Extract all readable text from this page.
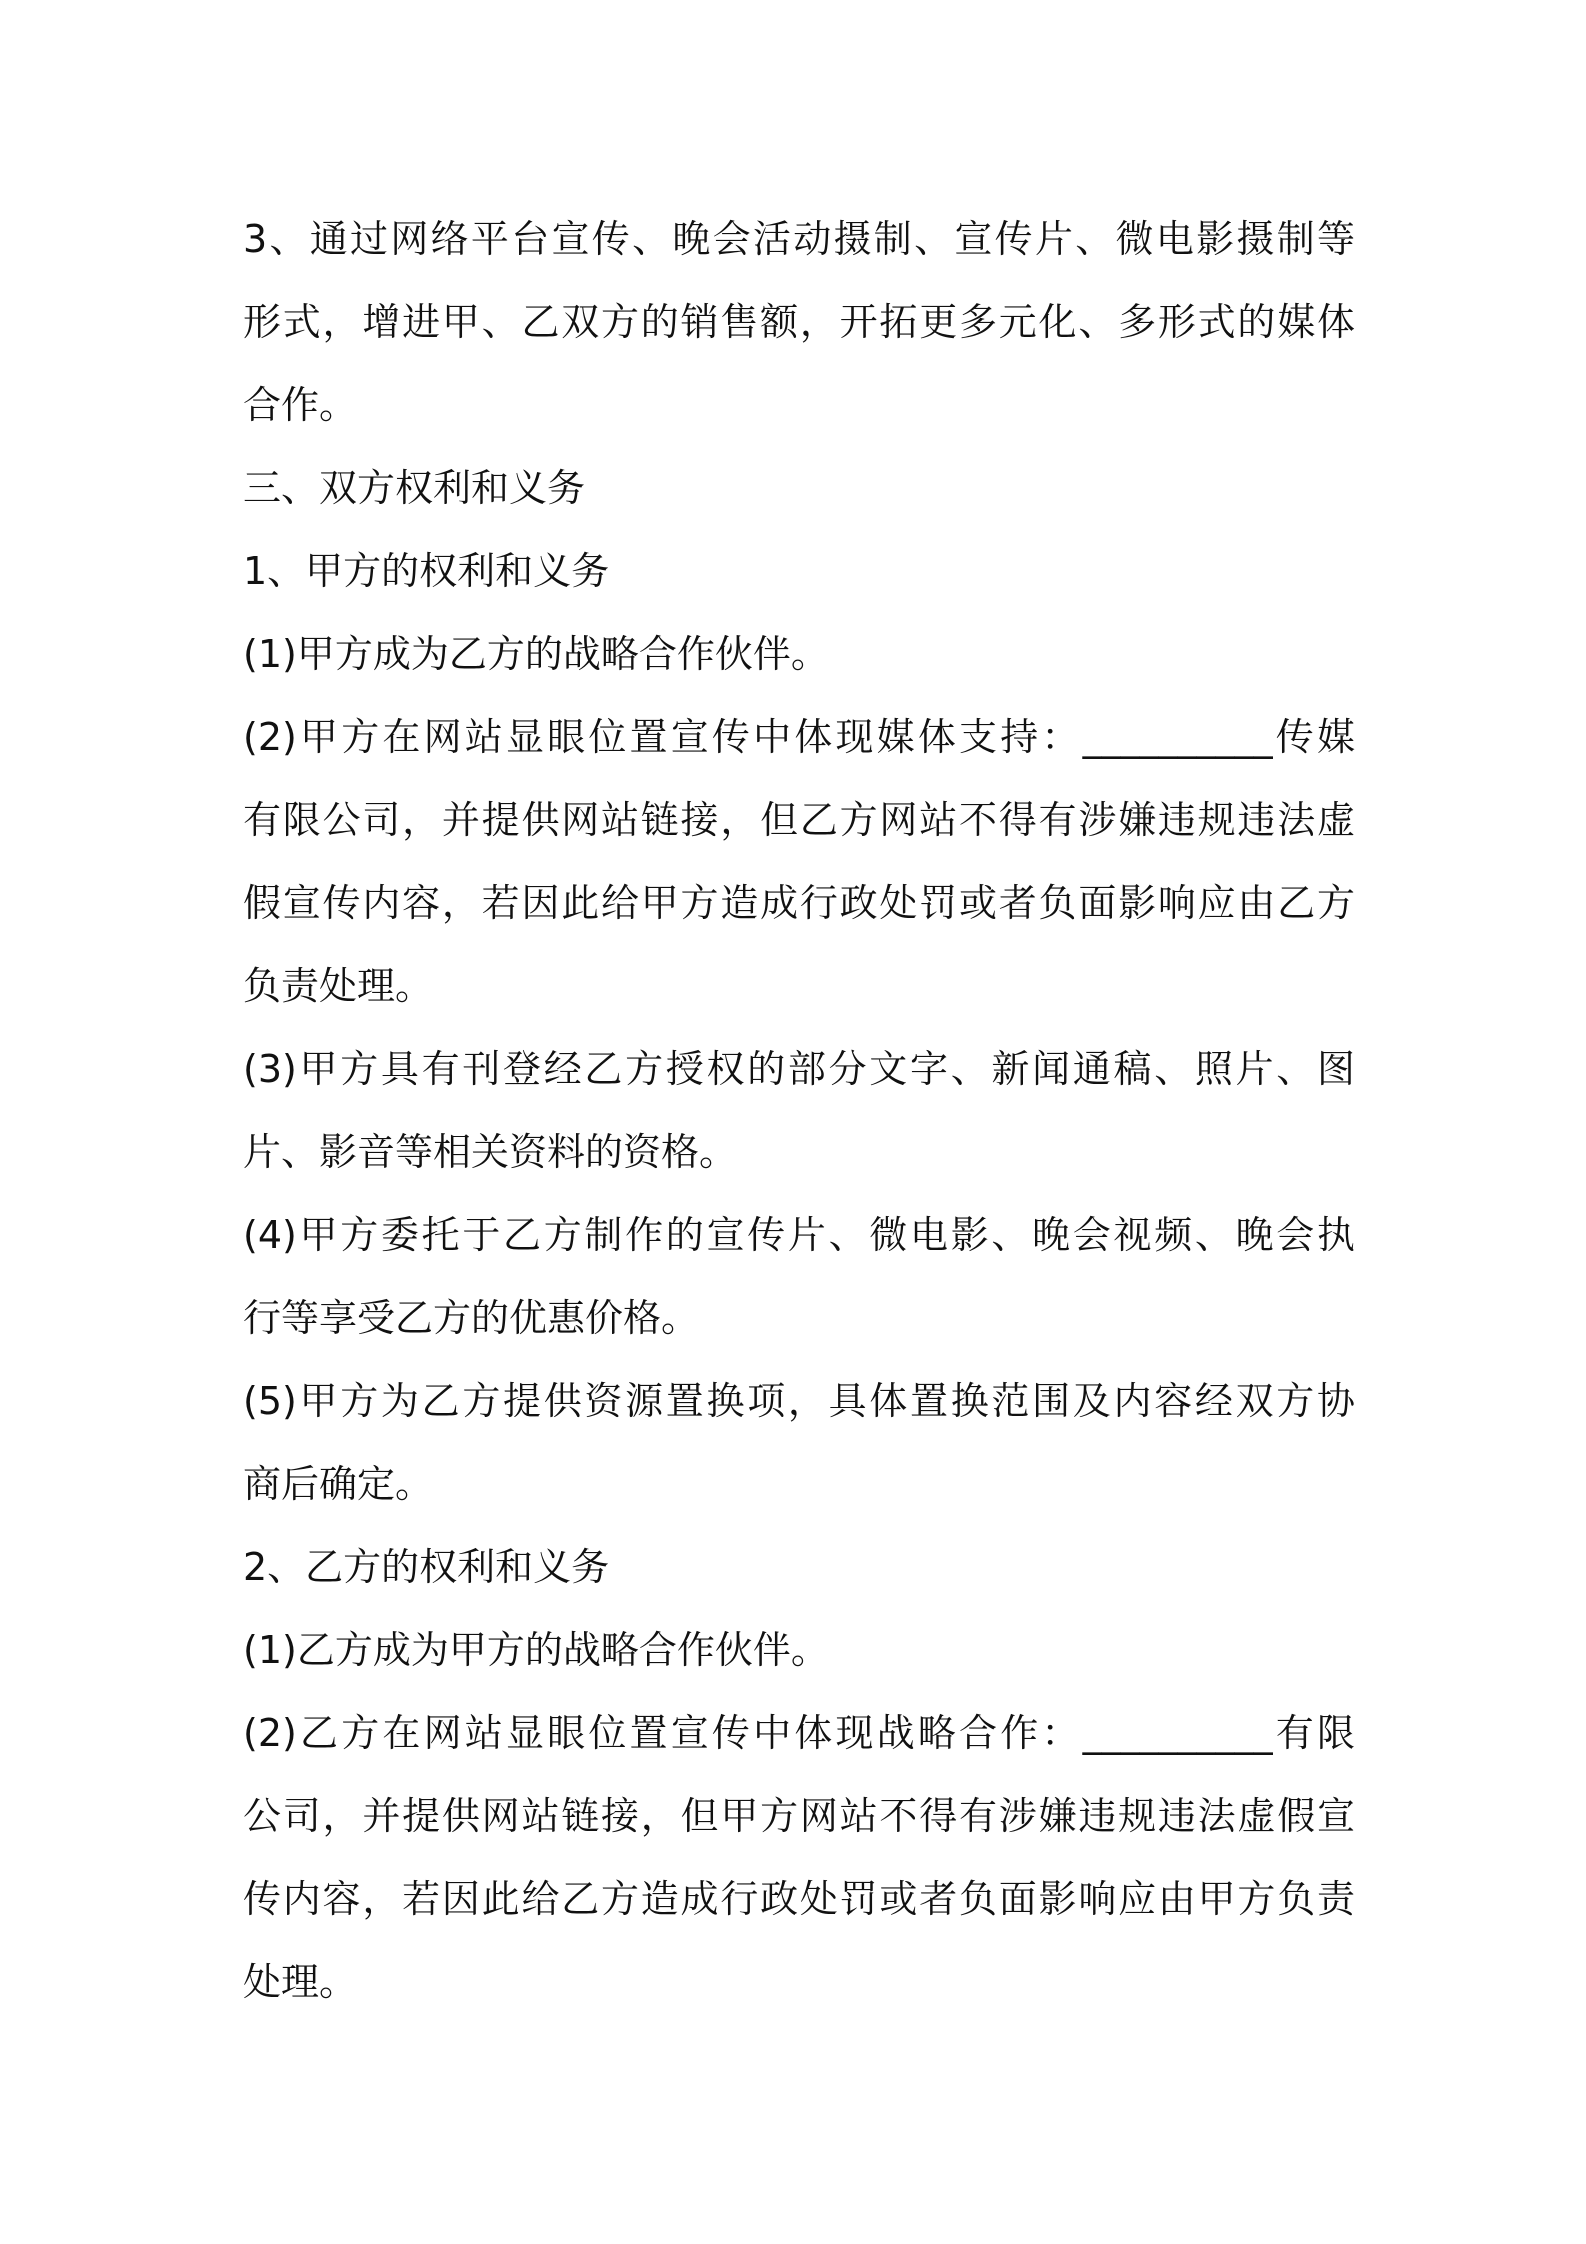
3、通过网络平台宣传、晚会活动摄制、宣传片、微电影摄制等
形式，增进甲、乙双方的销售额，开拓更多元化、多形式的媒体
合作。
三、双方权利和义务
1、甲方的权利和义务
(1)甲方成为乙方的战略合作伙伴。
(2)甲方在网站显眼位置宣传中体现媒体支持：__________传媒
有限公司，并提供网站链接，但乙方网站不得有涉嫌违规违法虚
假宣传内容，若因此给甲方造成行政处罚或者负面影响应由乙方
负责处理。
(3)甲方具有刊登经乙方授权的部分文字、新闻通稿、照片、图
片、影音等相关资料的资格。
(4)甲方委托于乙方制作的宣传片、微电影、晚会视频、晚会执
行等享受乙方的优惠价格。
(5)甲方为乙方提供资源置换项，具体置换范围及内容经双方协
商后确定。
2、乙方的权利和义务
(1)乙方成为甲方的战略合作伙伴。
(2)乙方在网站显眼位置宣传中体现战略合作：__________有限
公司，并提供网站链接，但甲方网站不得有涉嫌违规违法虚假宣
传内容，若因此给乙方造成行政处罚或者负面影响应由甲方负责
处理。
